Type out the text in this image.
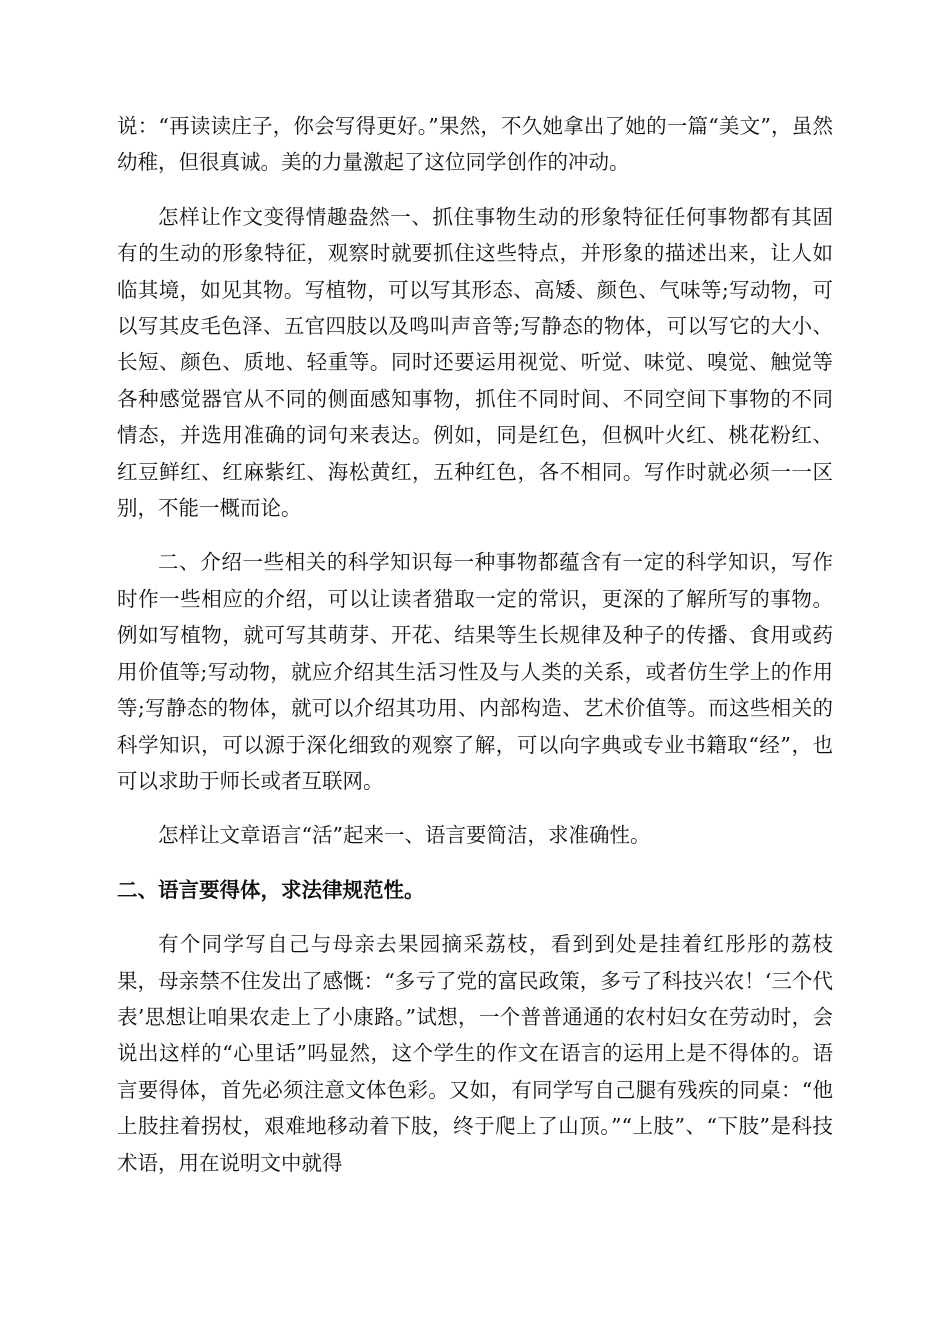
说：“再读读庄子，你会写得更好。”果然，不久她拿出了她的一篇“美文”，虽然幼稚，但很真诚。美的力量激起了这位同学创作的冲动。

怎样让作文变得情趣盎然一、抓住事物生动的形象特征任何事物都有其固有的生动的形象特征，观察时就要抓住这些特点，并形象的描述出来，让人如临其境，如见其物。写植物，可以写其形态、高矮、颜色、气味等;写动物，可以写其皮毛色泽、五官四肢以及鸣叫声音等;写静态的物体，可以写它的大小、长短、颜色、质地、轻重等。同时还要运用视觉、听觉、味觉、嗅觉、触觉等各种感觉器官从不同的侧面感知事物，抓住不同时间、不同空间下事物的不同情态，并选用准确的词句来表达。例如，同是红色，但枫叶火红、桃花粉红、红豆鲜红、红麻紫红、海松黄红，五种红色，各不相同。写作时就必须一一区别，不能一概而论。

二、介绍一些相关的科学知识每一种事物都蕴含有一定的科学知识，写作时作一些相应的介绍，可以让读者猎取一定的常识，更深的了解所写的事物。例如写植物，就可写其萌芽、开花、结果等生长规律及种子的传播、食用或药用价值等;写动物，就应介绍其生活习性及与人类的关系，或者仿生学上的作用等;写静态的物体，就可以介绍其功用、内部构造、艺术价值等。而这些相关的科学知识，可以源于深化细致的观察了解，可以向字典或专业书籍取“经”，也可以求助于师长或者互联网。

怎样让文章语言“活”起来一、语言要简洁，求准确性。

二、语言要得体，求法律规范性。

有个同学写自己与母亲去果园摘采荔枝，看到到处是挂着红彤彤的荔枝果，母亲禁不住发出了感慨：“多亏了党的富民政策，多亏了科技兴农！‘三个代表’思想让咱果农走上了小康路。”试想，一个普普通通的农村妇女在劳动时，会说出这样的“心里话”吗显然，这个学生的作文在语言的运用上是不得体的。语言要得体，首先必须注意文体色彩。又如，有同学写自己腿有残疾的同桌：“他上肢拄着拐杖，艰难地移动着下肢，终于爬上了山顶。”“上肢”、“下肢”是科技术语，用在说明文中就得
